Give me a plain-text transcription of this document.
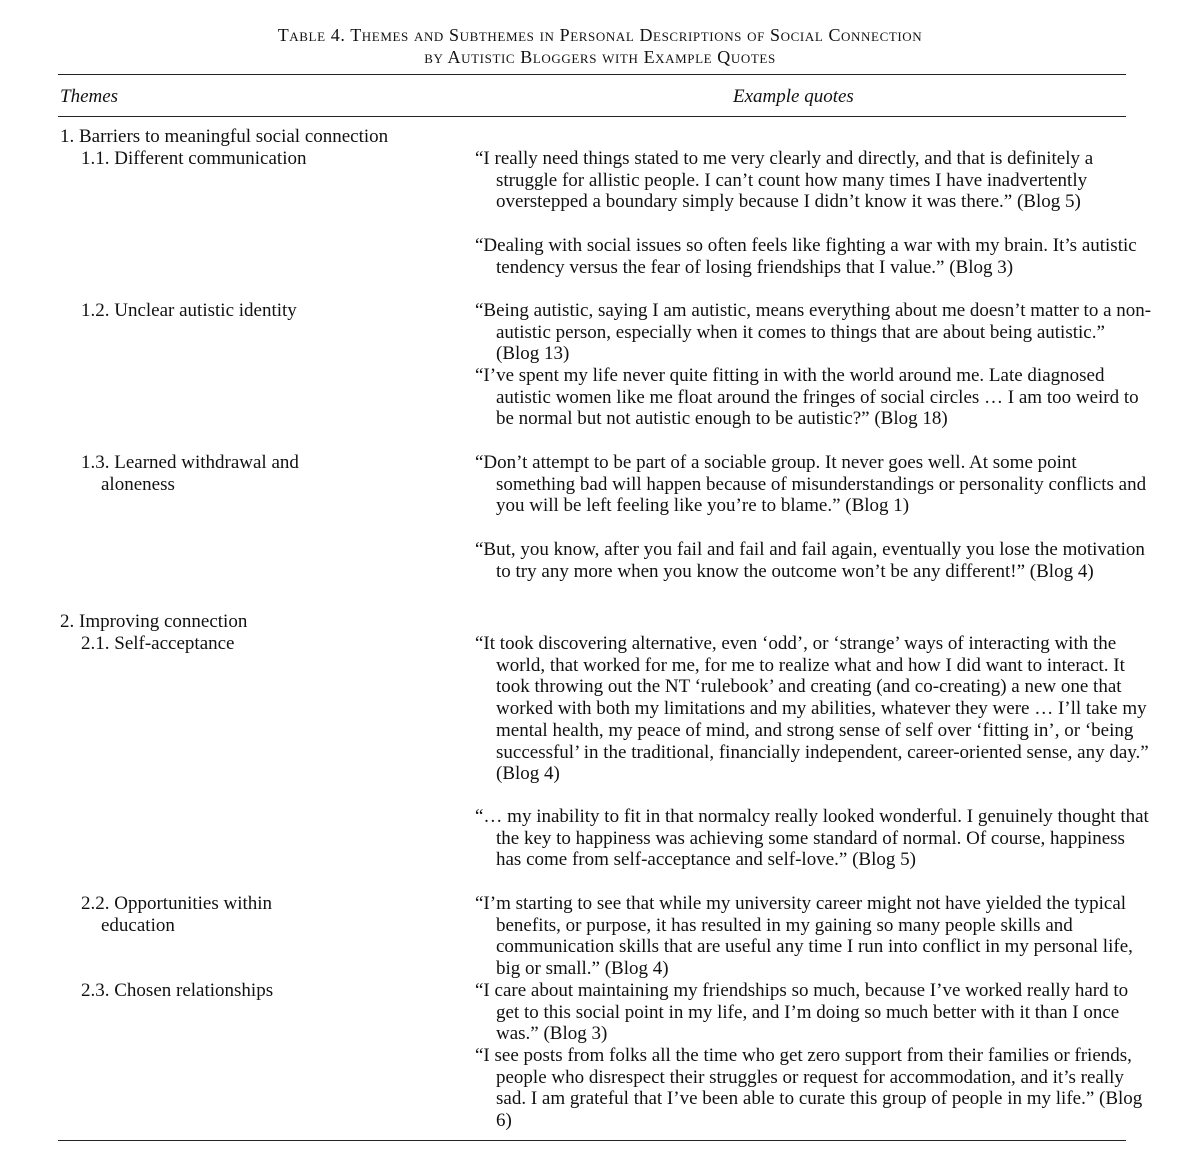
Table 4. Themes and Subthemes in Personal Descriptions of Social Connection
by Autistic Bloggers with Example Quotes
Themes	Example quotes
1. Barriers to meaningful social connection
2. Improving connection
1.1. Different communication
1.2. Unclear autistic identity
1.3. Learned withdrawal and aloneness
2.1. Self-acceptance
2.2. Opportunities within education
2.3. Chosen relationships
“I really need things stated to me very clearly and directly, and that is definitely a struggle for allistic people. I can’t count how many times I have inadvertently overstepped a boundary simply because I didn’t know it was there.” (Blog 5)
“Dealing with social issues so often feels like fighting a war with my brain. It’s autistic tendency versus the fear of losing friendships that I value.” (Blog 3)
“Being autistic, saying I am autistic, means everything about me doesn’t matter to a non-autistic person, especially when it comes to things that are about being autistic.” (Blog 13)
“I’ve spent my life never quite fitting in with the world around me. Late diagnosed autistic women like me float around the fringes of social circles … I am too weird to be normal but not autistic enough to be autistic?” (Blog 18)
“Don’t attempt to be part of a sociable group. It never goes well. At some point something bad will happen because of misunderstandings or personality conflicts and you will be left feeling like you’re to blame.” (Blog 1)
“But, you know, after you fail and fail and fail again, eventually you lose the motivation to try any more when you know the outcome won’t be any different!” (Blog 4)
“It took discovering alternative, even ‘odd’, or ‘strange’ ways of interacting with the world, that worked for me, for me to realize what and how I did want to interact. It took throwing out the NT ‘rulebook’ and creating (and co-creating) a new one that worked with both my limitations and my abilities, whatever they were … I’ll take my mental health, my peace of mind, and strong sense of self over ‘fitting in’, or ‘being successful’ in the traditional, financially independent, career-oriented sense, any day.” (Blog 4)
“… my inability to fit in that normalcy really looked wonderful. I genuinely thought that the key to happiness was achieving some standard of normal. Of course, happiness has come from self-acceptance and self-love.” (Blog 5)
“I’m starting to see that while my university career might not have yielded the typical benefits, or purpose, it has resulted in my gaining so many people skills and communication skills that are useful any time I run into conflict in my personal life, big or small.” (Blog 4)
“I care about maintaining my friendships so much, because I’ve worked really hard to get to this social point in my life, and I’m doing so much better with it than I once was.” (Blog 3)
“I see posts from folks all the time who get zero support from their families or friends, people who disrespect their struggles or request for accommodation, and it’s really sad. I am grateful that I’ve been able to curate this group of people in my life.” (Blog 6)
